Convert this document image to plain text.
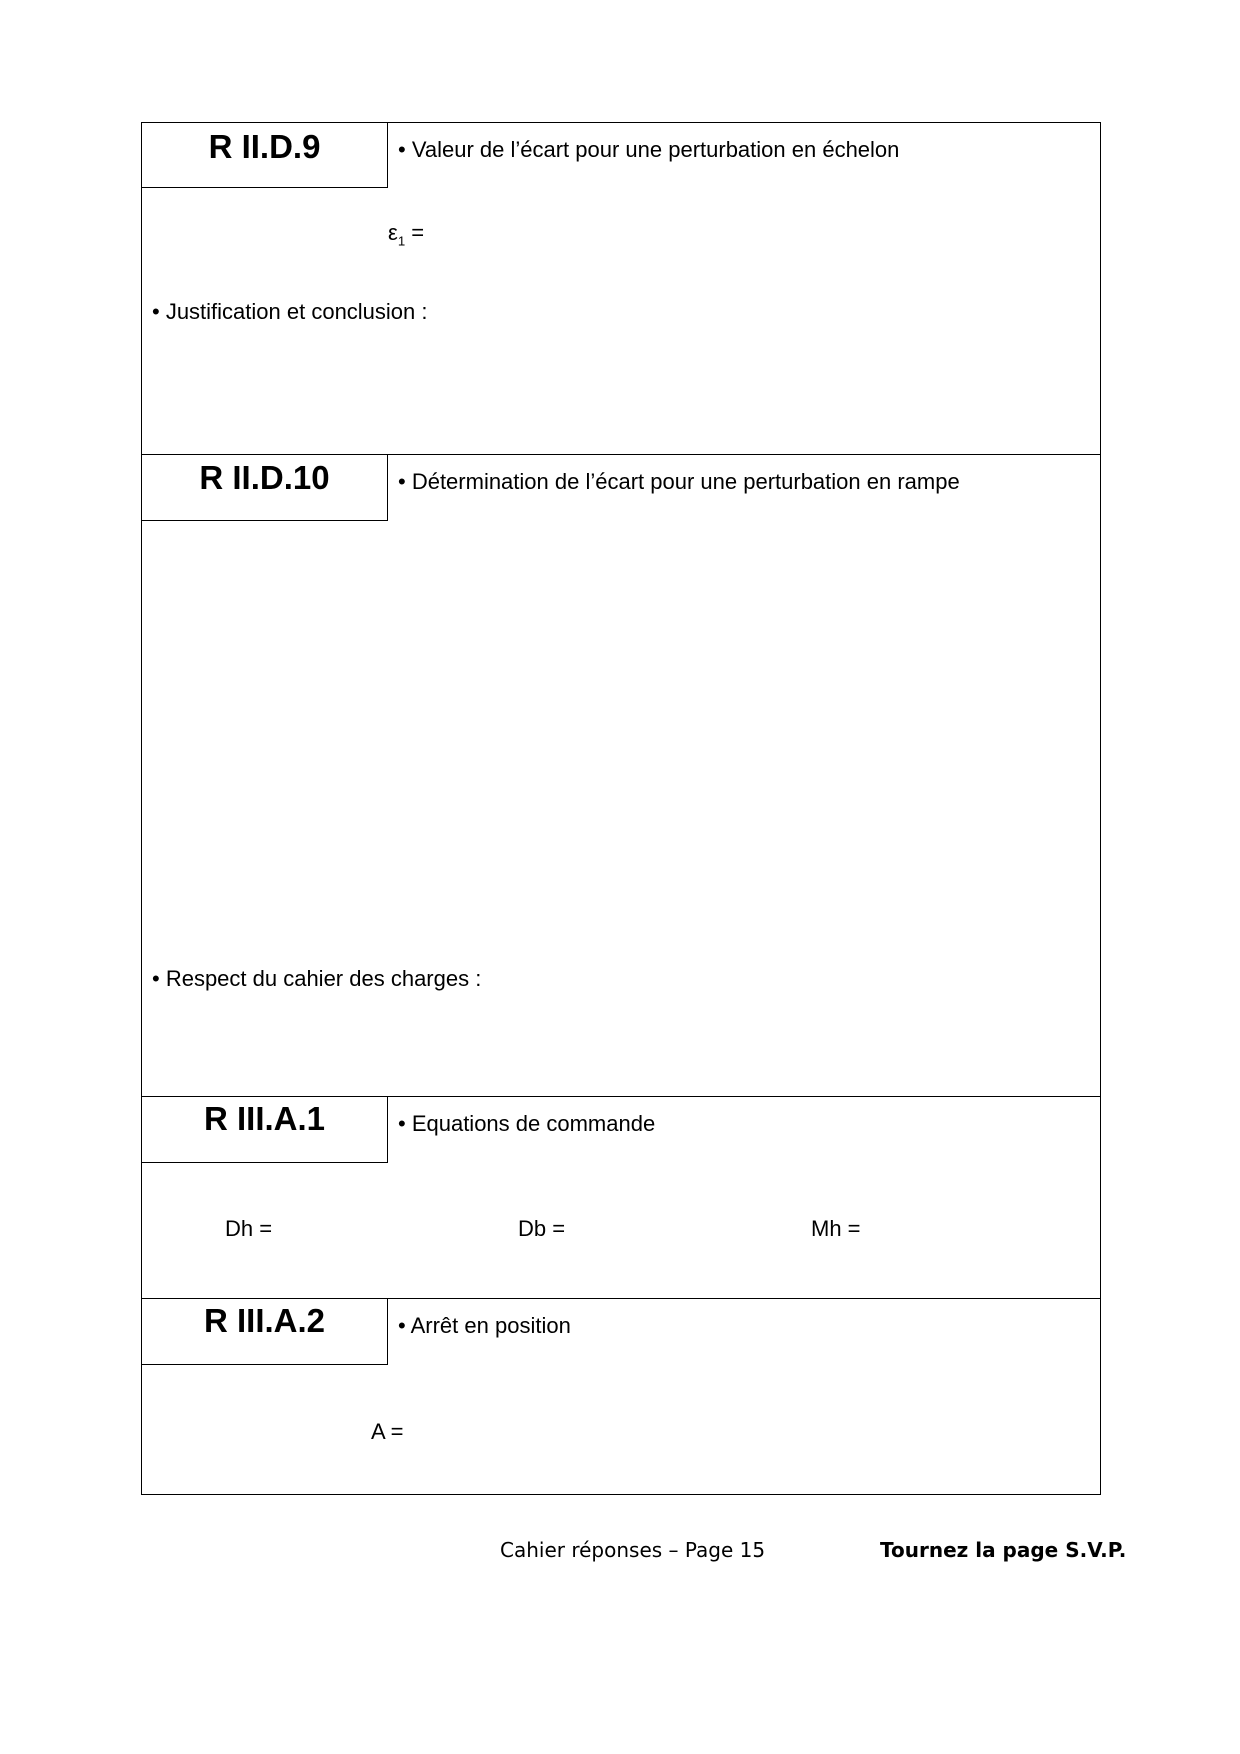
R II.D.9	• Valeur de l’écart pour une perturbation en échelon
$\varepsilon_1$ =
• Justification et conclusion :
R II.D.10	• Détermination de l’écart pour une perturbation en rampe
• Respect du cahier des charges :
R III.A.1	• Equations de commande
Dh =	Db =	Mh =
R III.A.2	• Arrêt en position
A =
Cahier réponses – Page 15	Tournez la page S.V.P.
